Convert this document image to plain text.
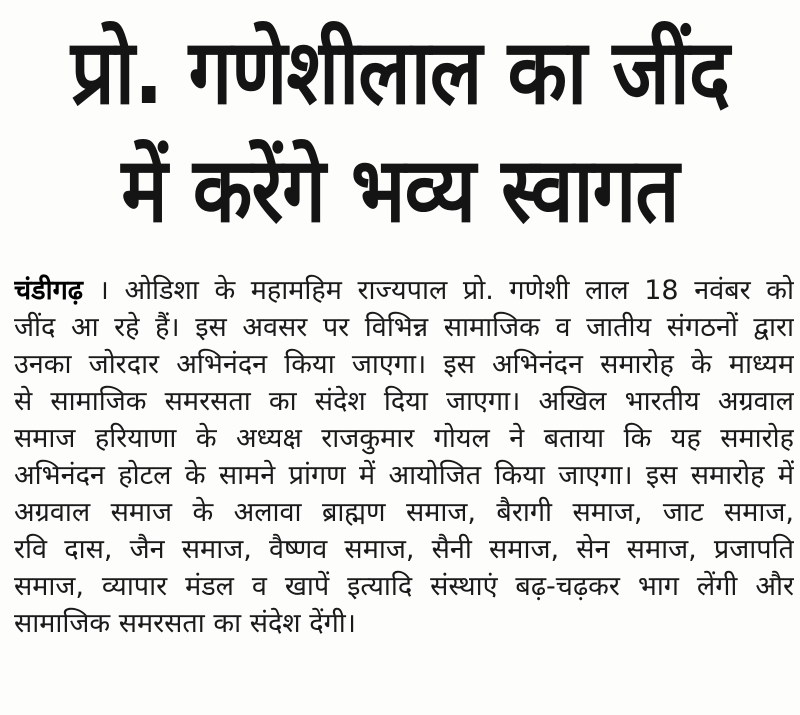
प्रो. गणेशीलाल का जींद
में करेंगे भव्य स्वागत
चंडीगढ़ । ओडिशा के महामहिम राज्यपाल प्रो. गणेशी लाल 18 नवंबर को
जींद आ रहे हैं। इस अवसर पर विभिन्न सामाजिक व जातीय संगठनों द्वारा
उनका जोरदार अभिनंदन किया जाएगा। इस अभिनंदन समारोह के माध्यम
से सामाजिक समरसता का संदेश दिया जाएगा। अखिल भारतीय अग्रवाल
समाज हरियाणा के अध्यक्ष राजकुमार गोयल ने बताया कि यह समारोह
अभिनंदन होटल के सामने प्रांगण में आयोजित किया जाएगा। इस समारोह में
अग्रवाल समाज के अलावा ब्राह्मण समाज, बैरागी समाज, जाट समाज,
रवि दास, जैन समाज, वैष्णव समाज, सैनी समाज, सेन समाज, प्रजापति
समाज, व्यापार मंडल व खापें इत्यादि संस्थाएं बढ़-चढ़कर भाग लेंगी और
सामाजिक समरसता का संदेश देंगी।
